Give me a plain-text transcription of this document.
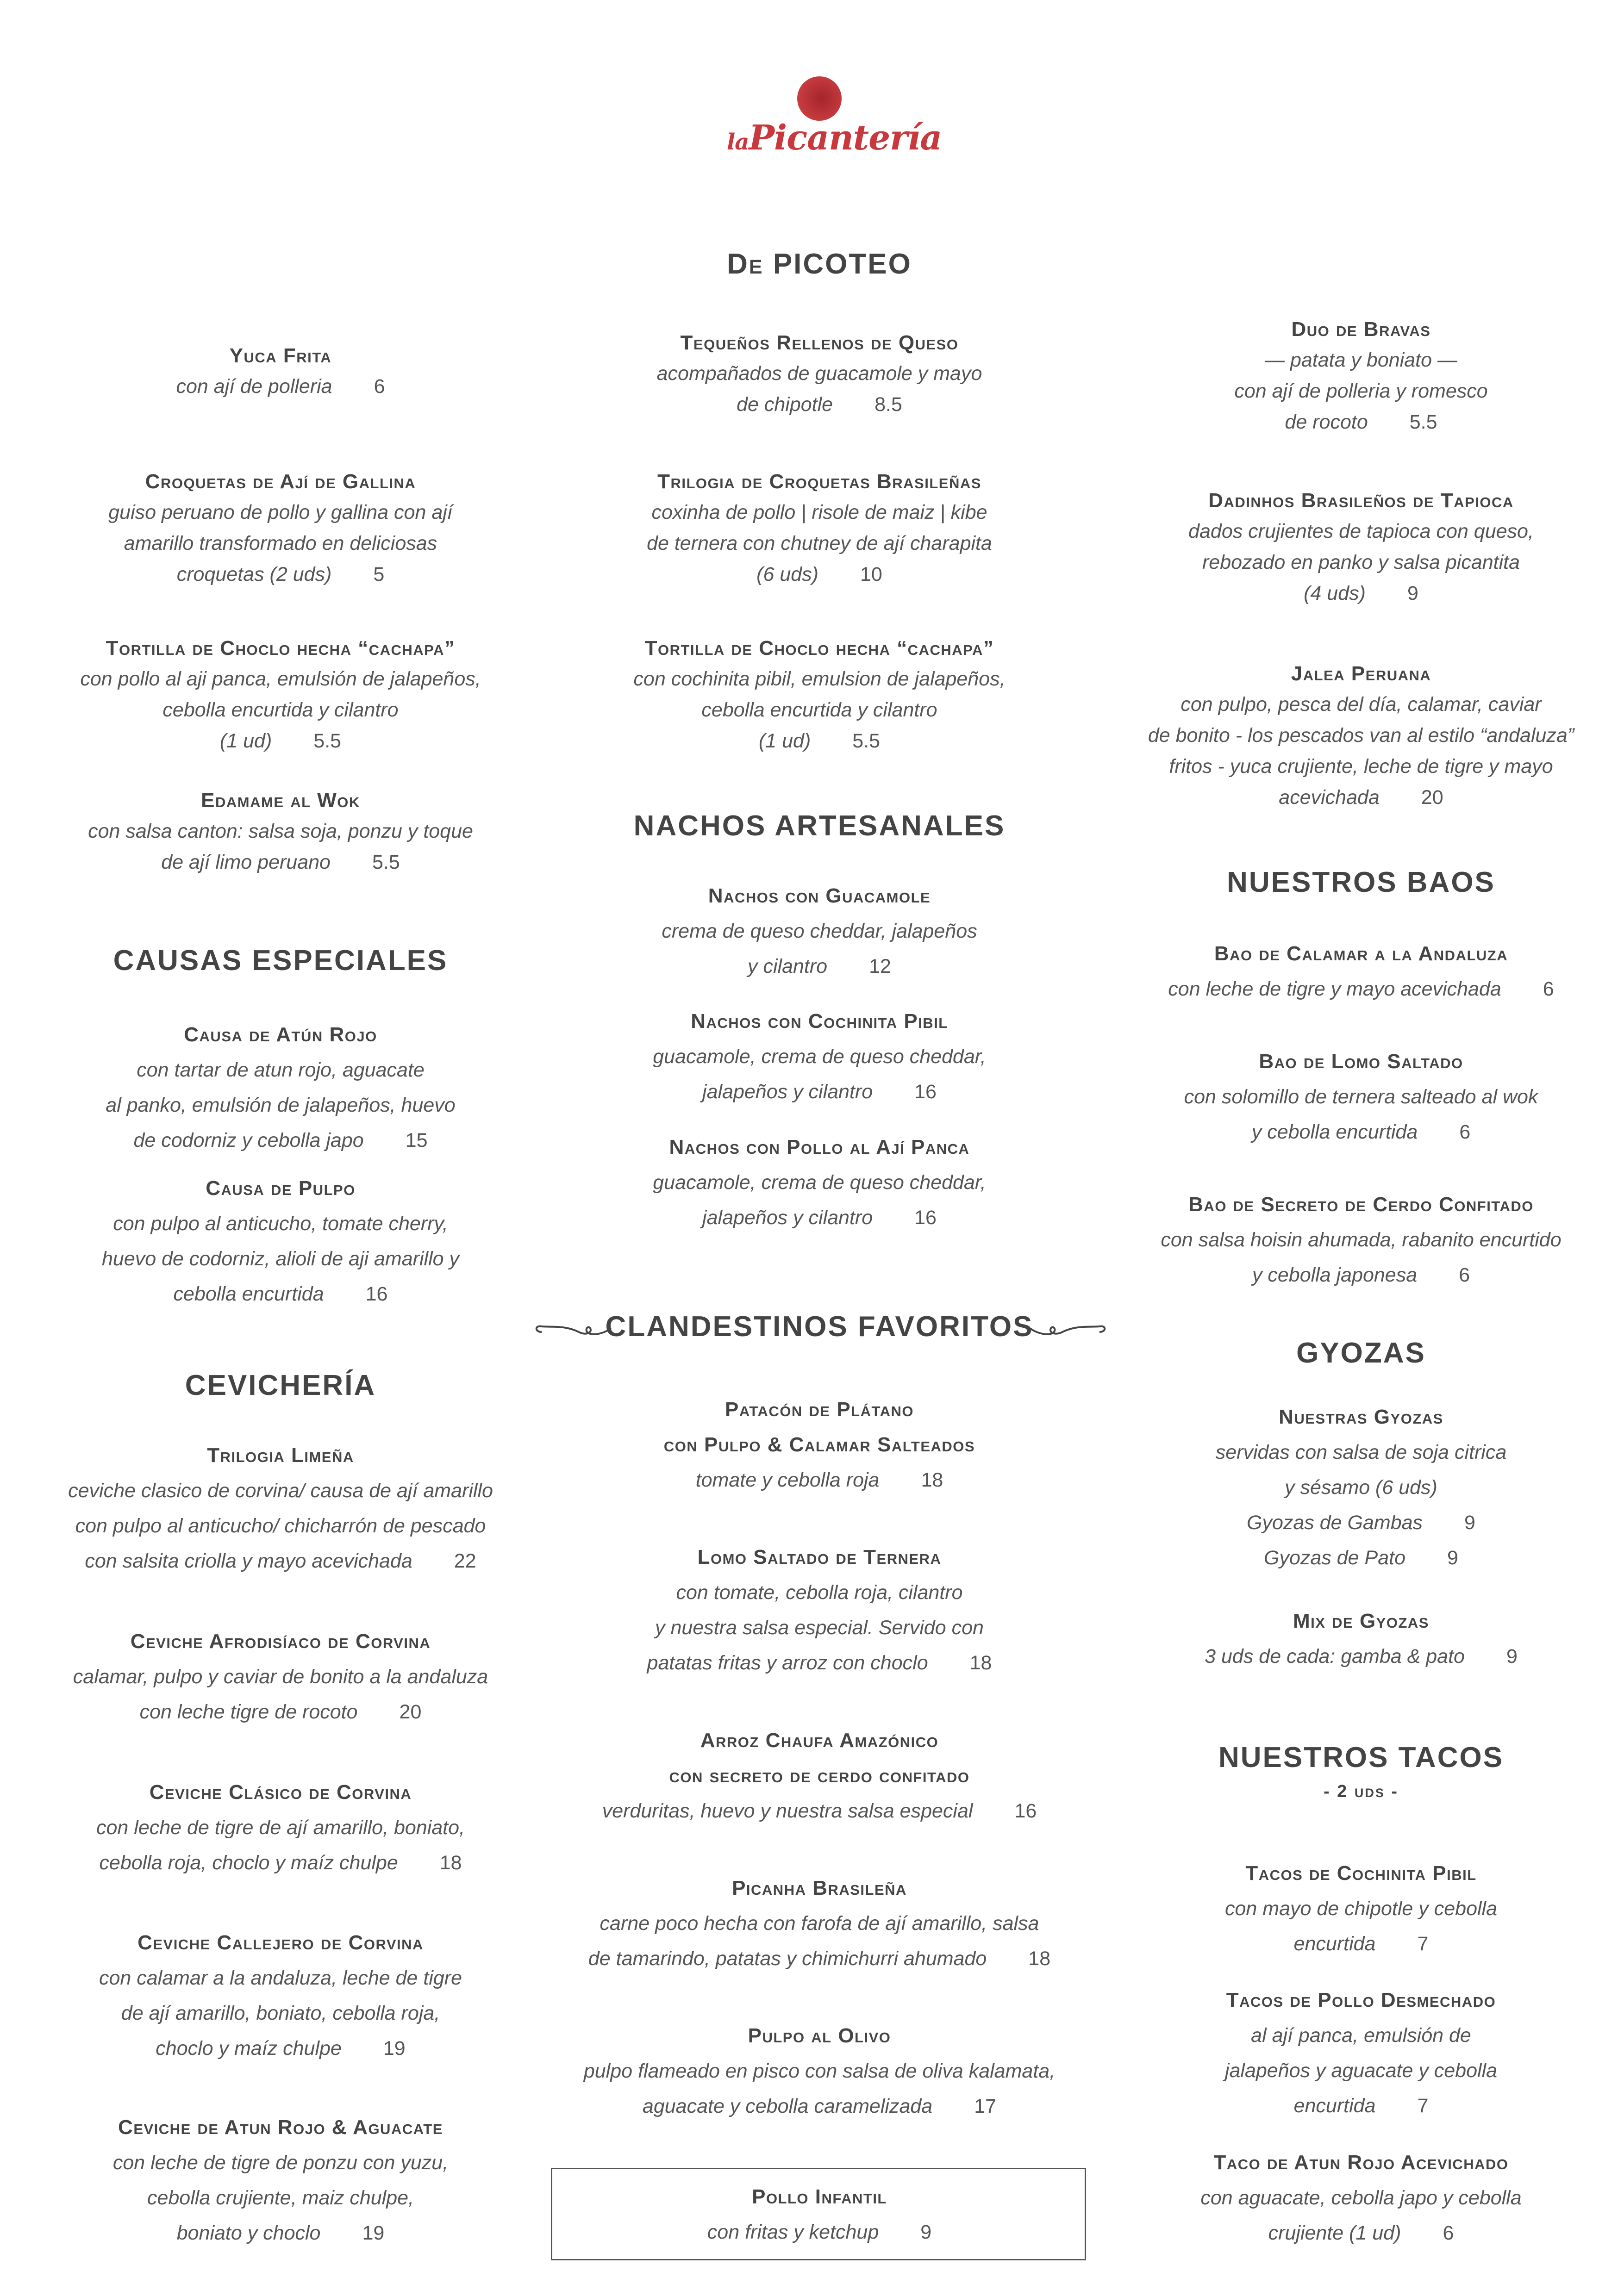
laPicantería
De PICOTEO
Yuca Frita
con ají de polleria 6
Croquetas de Ají de Gallina
guiso peruano de pollo y gallina con ají
amarillo transformado en deliciosas
croquetas (2 uds) 5
Tortilla de Choclo hecha “cachapa”
con pollo al aji panca, emulsión de jalapeños,
cebolla encurtida y cilantro
(1 ud) 5.5
Edamame al Wok
con salsa canton: salsa soja, ponzu y toque
de ají limo peruano 5.5
Tequeños Rellenos de Queso
acompañados de guacamole y mayo
de chipotle 8.5
Trilogia de Croquetas Brasileñas
coxinha de pollo | risole de maiz | kibe
de ternera con chutney de ají charapita
(6 uds) 10
Tortilla de Choclo hecha “cachapa”
con cochinita pibil, emulsion de jalapeños,
cebolla encurtida y cilantro
(1 ud) 5.5
Duo de Bravas
— patata y boniato —
con ají de polleria y romesco
de rocoto 5.5
Dadinhos Brasileños de Tapioca
dados crujientes de tapioca con queso,
rebozado en panko y salsa picantita
(4 uds) 9
Jalea Peruana
con pulpo, pesca del día, calamar, caviar
de bonito - los pescados van al estilo “andaluza”
fritos - yuca crujiente, leche de tigre y mayo
acevichada 20
CAUSAS ESPECIALES
Causa de Atún Rojo
con tartar de atun rojo, aguacate
al panko, emulsión de jalapeños, huevo
de codorniz y cebolla japo 15
Causa de Pulpo
con pulpo al anticucho, tomate cherry,
huevo de codorniz, alioli de aji amarillo y
cebolla encurtida 16
CEVICHERÍA
Trilogia Limeña
ceviche clasico de corvina/ causa de ají amarillo
con pulpo al anticucho/ chicharrón de pescado
con salsita criolla y mayo acevichada 22
Ceviche Afrodisíaco de Corvina
calamar, pulpo y caviar de bonito a la andaluza
con leche tigre de rocoto 20
Ceviche Clásico de Corvina
con leche de tigre de ají amarillo, boniato,
cebolla roja, choclo y maíz chulpe 18
Ceviche Callejero de Corvina
con calamar a la andaluza, leche de tigre
de ají amarillo, boniato, cebolla roja,
choclo y maíz chulpe 19
Ceviche de Atun Rojo & Aguacate
con leche de tigre de ponzu con yuzu,
cebolla crujiente, maiz chulpe,
boniato y choclo 19
NACHOS ARTESANALES
Nachos con Guacamole
crema de queso cheddar, jalapeños
y cilantro 12
Nachos con Cochinita Pibil
guacamole, crema de queso cheddar,
jalapeños y cilantro 16
Nachos con Pollo al Ají Panca
guacamole, crema de queso cheddar,
jalapeños y cilantro 16
CLANDESTINOS FAVORITOS
Patacón de Plátano
con Pulpo & Calamar Salteados
tomate y cebolla roja 18
Lomo Saltado de Ternera
con tomate, cebolla roja, cilantro
y nuestra salsa especial. Servido con
patatas fritas y arroz con choclo 18
Arroz Chaufa Amazónico
con secreto de cerdo confitado
verduritas, huevo y nuestra salsa especial 16
Picanha Brasileña
carne poco hecha con farofa de ají amarillo, salsa
de tamarindo, patatas y chimichurri ahumado 18
Pulpo al Olivo
pulpo flameado en pisco con salsa de oliva kalamata,
aguacate y cebolla caramelizada 17
Pollo Infantil
con fritas y ketchup 9
NUESTROS BAOS
Bao de Calamar a la Andaluza
con leche de tigre y mayo acevichada 6
Bao de Lomo Saltado
con solomillo de ternera salteado al wok
y cebolla encurtida 6
Bao de Secreto de Cerdo Confitado
con salsa hoisin ahumada, rabanito encurtido
y cebolla japonesa 6
GYOZAS
Nuestras Gyozas
servidas con salsa de soja citrica
y sésamo (6 uds)
Gyozas de Gambas 9
Gyozas de Pato 9
Mix de Gyozas
3 uds de cada: gamba & pato 9
NUESTROS TACOS
- 2 uds -
Tacos de Cochinita Pibil
con mayo de chipotle y cebolla
encurtida 7
Tacos de Pollo Desmechado
al ají panca, emulsión de
jalapeños y aguacate y cebolla
encurtida 7
Taco de Atun Rojo Acevichado
con aguacate, cebolla japo y cebolla
crujiente (1 ud) 6
